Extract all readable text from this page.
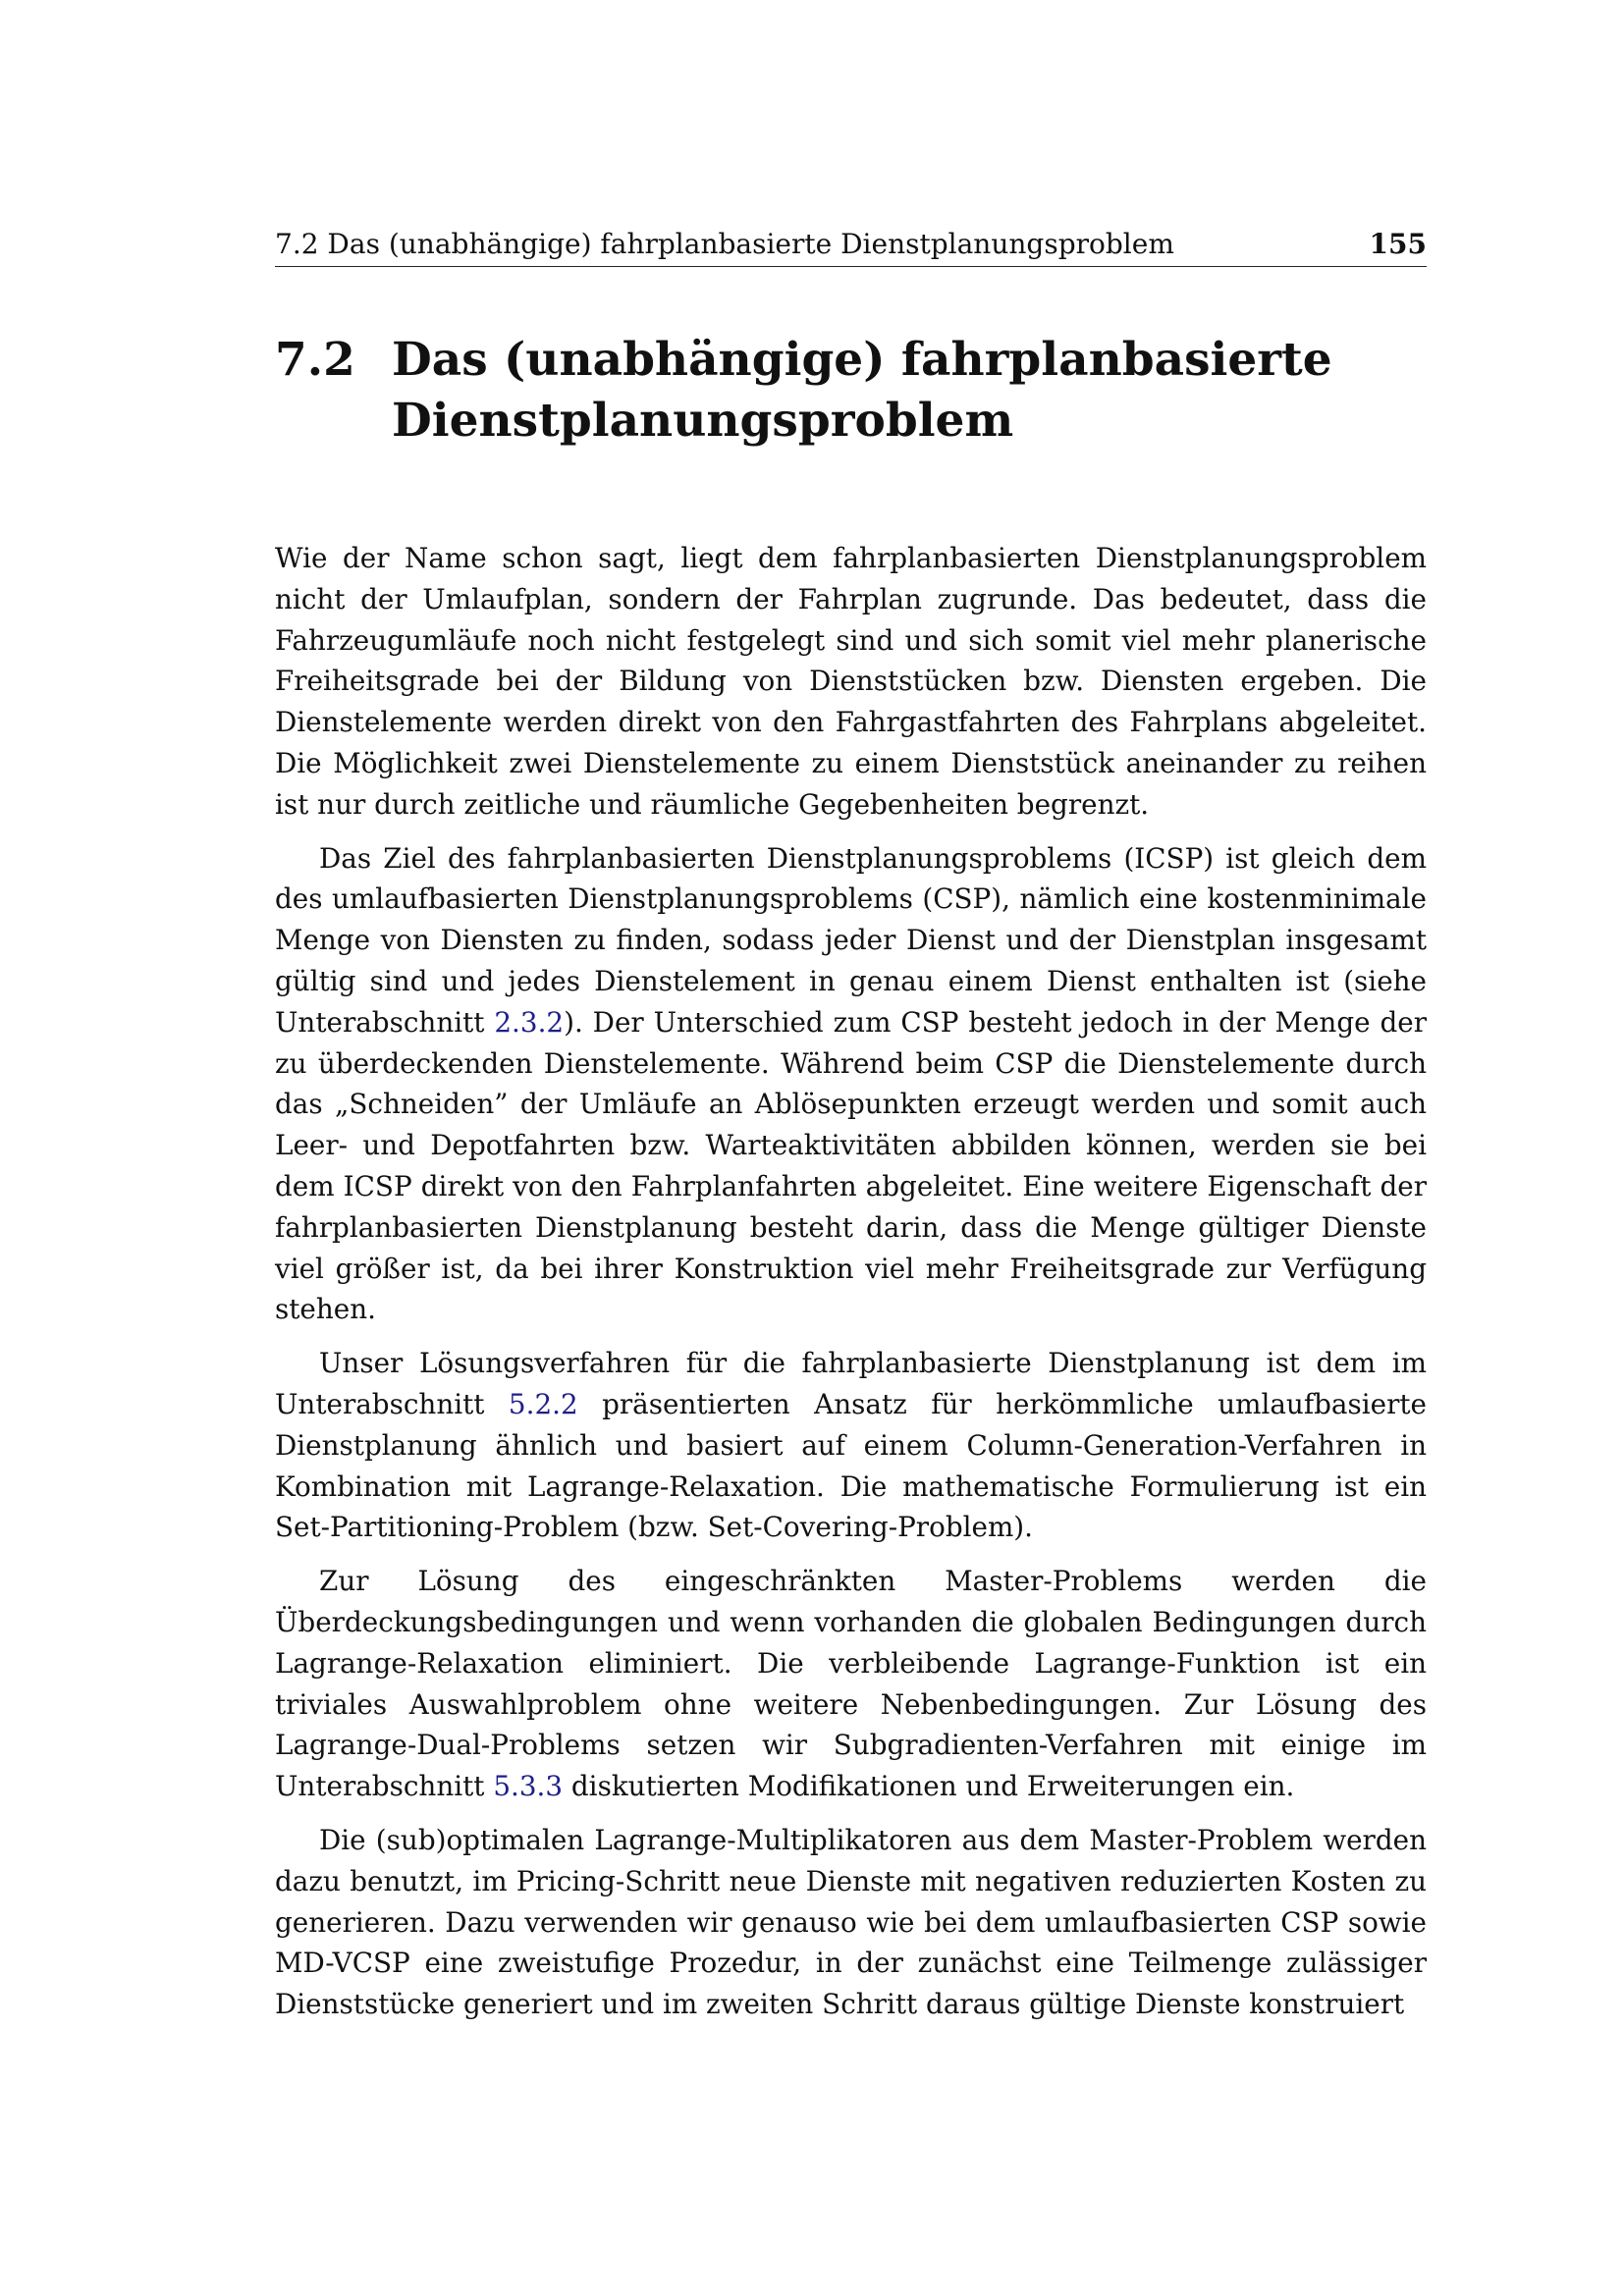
7.2 Das (unabhängige) fahrplanbasierte Dienstplanungsproblem	155
7.2 Das (unabhängige) fahrplanbasierte Dienstplanungsproblem

Wie der Name schon sagt, liegt dem fahrplanbasierten Dienstplanungsproblem nicht der Umlaufplan, sondern der Fahrplan zugrunde. Das bedeutet, dass die Fahrzeugumläufe noch nicht festgelegt sind und sich somit viel mehr planerische Freiheitsgrade bei der Bildung von Dienststücken bzw. Diensten ergeben. Die Dienstelemente werden direkt von den Fahrgastfahrten des Fahrplans abgeleitet. Die Möglichkeit zwei Dienstelemente zu einem Dienststück aneinander zu reihen ist nur durch zeitliche und räumliche Gegebenheiten begrenzt.

Das Ziel des fahrplanbasierten Dienstplanungsproblems (ICSP) ist gleich dem des umlaufbasierten Dienstplanungsproblems (CSP), nämlich eine kostenminimale Menge von Diensten zu finden, sodass jeder Dienst und der Dienstplan insgesamt gültig sind und jedes Dienstelement in genau einem Dienst enthalten ist (siehe Unterabschnitt 2.3.2). Der Unterschied zum CSP besteht jedoch in der Menge der zu überdeckenden Dienstelemente. Während beim CSP die Dienstelemente durch das „Schneiden” der Umläufe an Ablösepunkten erzeugt werden und somit auch Leer- und Depotfahrten bzw. Warteaktivitäten abbilden können, werden sie bei dem ICSP direkt von den Fahrplanfahrten abgeleitet. Eine weitere Eigenschaft der fahrplanbasierten Dienstplanung besteht darin, dass die Menge gültiger Dienste viel größer ist, da bei ihrer Konstruktion viel mehr Freiheitsgrade zur Verfügung stehen.

Unser Lösungsverfahren für die fahrplanbasierte Dienstplanung ist dem im Unterabschnitt 5.2.2 präsentierten Ansatz für herkömmliche umlaufbasierte Dienstplanung ähnlich und basiert auf einem Column-Generation-Verfahren in Kombination mit Lagrange-Relaxation. Die mathematische Formulierung ist ein Set-Partitioning-Problem (bzw. Set-Covering-Problem).

Zur Lösung des eingeschränkten Master-Problems werden die Überdeckungsbedingungen und wenn vorhanden die globalen Bedingungen durch Lagrange-Relaxation eliminiert. Die verbleibende Lagrange-Funktion ist ein triviales Auswahlproblem ohne weitere Nebenbedingungen. Zur Lösung des Lagrange-Dual-Problems setzen wir Subgradienten-Verfahren mit einige im Unterabschnitt 5.3.3 diskutierten Modifikationen und Erweiterungen ein.

Die (sub)optimalen Lagrange-Multiplikatoren aus dem Master-Problem werden dazu benutzt, im Pricing-Schritt neue Dienste mit negativen reduzierten Kosten zu generieren. Dazu verwenden wir genauso wie bei dem umlaufbasierten CSP sowie MD-VCSP eine zweistufige Prozedur, in der zunächst eine Teilmenge zulässiger Dienststücke generiert und im zweiten Schritt daraus gültige Dienste konstruiert
